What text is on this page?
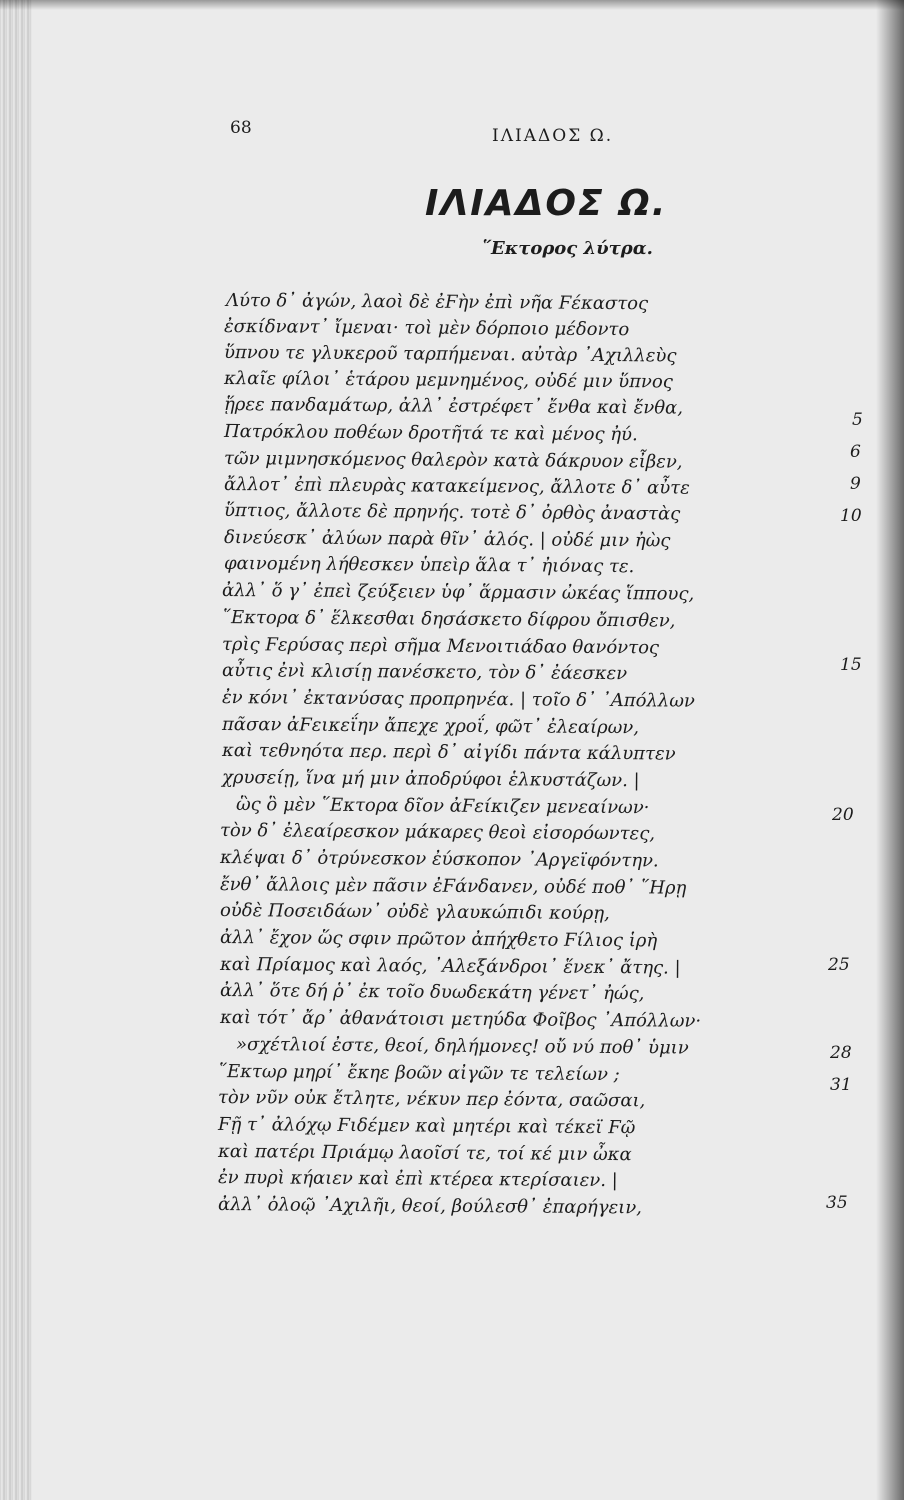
68	ΙΛΙΑΔΟΣ Ω.
ΙΛΙΑΔΟΣ Ω.
῞Εκτορος λύτρα.
Λύτο δ᾽ ἀγών, λαοὶ δὲ ἐϜὴν ἐπὶ νῆα Ϝέκαστος
ἐσκίδναντ᾽ ἴμεναι· τοὶ μὲν δόρποιο μέδοντο
ὕπνου τε γλυκεροῦ ταρπήμεναι. αὐτὰρ ᾿Αχιλλεὺς
κλαῖε φίλοι᾽ ἑτάρου μεμνημένος, οὐδέ μιν ὕπνος
ᾕρεε πανδαμάτωρ, ἀλλ᾽ ἐστρέφετ᾽ ἔνθα καὶ ἔνθα,
Πατρόκλου ποθέων δροτῆτά τε καὶ μένος ἠύ.
τῶν μιμνησκόμενος θαλερὸν κατὰ δάκρυον εἶβεν,
ἄλλοτ᾽ ἐπὶ πλευρὰς κατακείμενος, ἄλλοτε δ᾽ αὖτε
ὕπτιος, ἄλλοτε δὲ πρηνής. τοτὲ δ᾽ ὀρθὸς ἀναστὰς
δινεύεσκ᾽ ἀλύων παρὰ θῖν᾽ ἁλός. | οὐδέ μιν ἠὼς
φαινομένη λήθεσκεν ὑπεὶρ ἅλα τ᾽ ἠιόνας τε.
ἀλλ᾽ ὅ γ᾽ ἐπεὶ ζεύξειεν ὑφ᾽ ἅρμασιν ὠκέας ἵππους,
῞Εκτορα δ᾽ ἕλκεσθαι δησάσκετο δίφρου ὄπισθεν,
τρὶς Ϝερύσας περὶ σῆμα Μενοιτιάδαο θανόντος
αὖτις ἐνὶ κλισίῃ πανέσκετο, τὸν δ᾽ ἐάεσκεν
ἐν κόνι᾽ ἐκτανύσας προπρηνέα. | τοῖο δ᾽ ᾿Απόλλων
πᾶσαν ἀϜεικεΐην ἄπεχε χροΐ, φῶτ᾽ ἐλεαίρων,
καὶ τεθνηότα περ. περὶ δ᾽ αἰγίδι πάντα κάλυπτεν
χρυσείῃ, ἵνα μή μιν ἀποδρύφοι ἑλκυστάζων. |
ὣς ὃ μὲν ῞Εκτορα δῖον ἀϜείκιζεν μενεαίνων·
τὸν δ᾽ ἐλεαίρεσκον μάκαρες θεοὶ εἰσορόωντες,
κλέψαι δ᾽ ὀτρύνεσκον ἐύσκοπον ᾿Αργεϊφόντην.
ἔνθ᾽ ἄλλοις μὲν πᾶσιν ἐϜάνδανεν, οὐδέ ποθ᾽ ῞Ηρῃ
οὐδὲ Ποσειδάων᾽ οὐδὲ γλαυκώπιδι κούρῃ,
ἀλλ᾽ ἔχον ὥς σφιν πρῶτον ἀπήχθετο Ϝίλιος ἱρὴ
καὶ Πρίαμος καὶ λαός, ᾿Αλεξάνδροι᾽ ἕνεκ᾽ ἄτης. |
ἀλλ᾽ ὅτε δή ῥ᾽ ἐκ τοῖο δυωδεκάτη γένετ᾽ ἠώς,
καὶ τότ᾽ ἄρ᾽ ἀθανάτοισι μετηύδα Φοῖβος ᾿Απόλλων·
»σχέτλιοί ἐστε, θεοί, δηλήμονες! οὔ νύ ποθ᾽ ὑμιν
῞Εκτωρ μηρί᾽ ἔκηε βοῶν αἰγῶν τε τελείων ;
τὸν νῦν οὐκ ἔτλητε, νέκυν περ ἐόντα, σαῶσαι,
Ϝῇ τ᾽ ἀλόχῳ Ϝιδέμεν καὶ μητέρι καὶ τέκεϊ Ϝῷ
καὶ πατέρι Πριάμῳ λαοῖσί τε, τοί κέ μιν ὦκα
ἐν πυρὶ κήαιεν καὶ ἐπὶ κτέρεα κτερίσαιεν. |
ἀλλ᾽ ὀλοῷ ᾿Αχιλῆι, θεοί, βούλεσθ᾽ ἐπαρήγειν,
5
6
9
10
15
20
25
28
31
35
